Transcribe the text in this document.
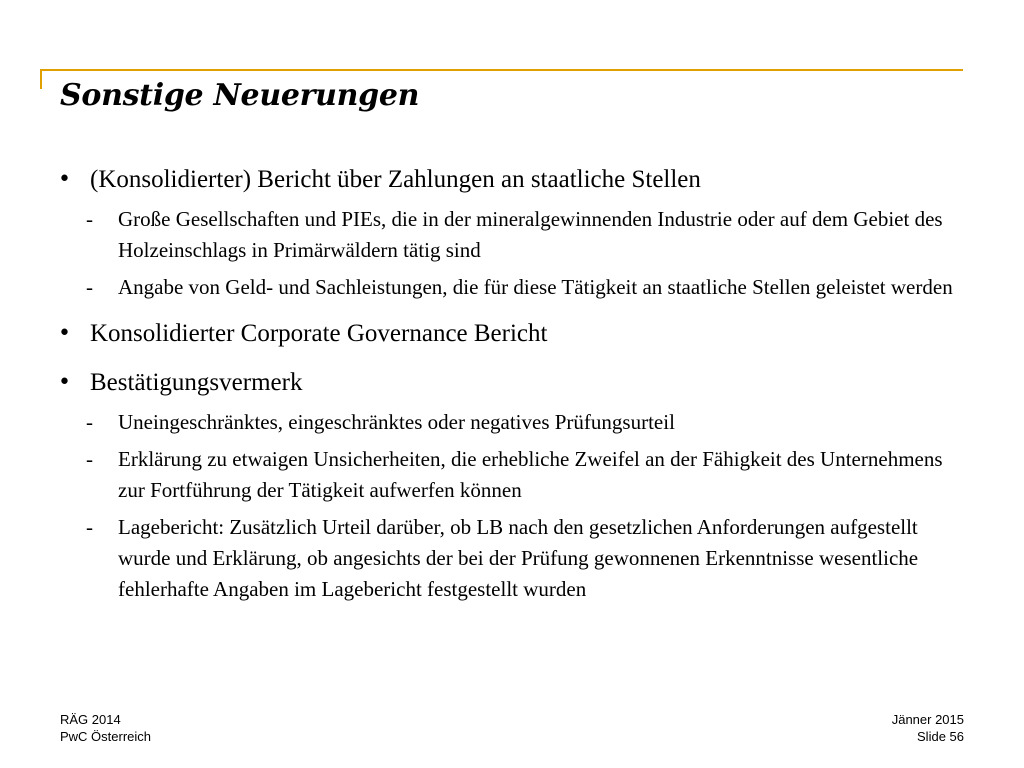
Sonstige Neuerungen
• (Konsolidierter) Bericht über Zahlungen an staatliche Stellen
-	Große Gesellschaften und PIEs, die in der mineralgewinnenden Industrie oder auf dem Gebiet des Holzeinschlags in Primärwäldern tätig sind
-	Angabe von Geld- und Sachleistungen, die für diese Tätigkeit an staatliche Stellen geleistet werden
• Konsolidierter Corporate Governance Bericht
• Bestätigungsvermerk
-	Uneingeschränktes, eingeschränktes oder negatives Prüfungsurteil
-	Erklärung zu etwaigen Unsicherheiten, die erhebliche Zweifel an der Fähigkeit des Unternehmens zur Fortführung der Tätigkeit aufwerfen können
-	Lagebericht: Zusätzlich Urteil darüber, ob LB nach den gesetzlichen Anforderungen aufgestellt wurde und Erklärung, ob angesichts der bei der Prüfung gewonnenen Erkenntnisse wesentliche fehlerhafte Angaben im Lagebericht festgestellt wurden
RÄG 2014
PwC Österreich
Jänner 2015
Slide 56
